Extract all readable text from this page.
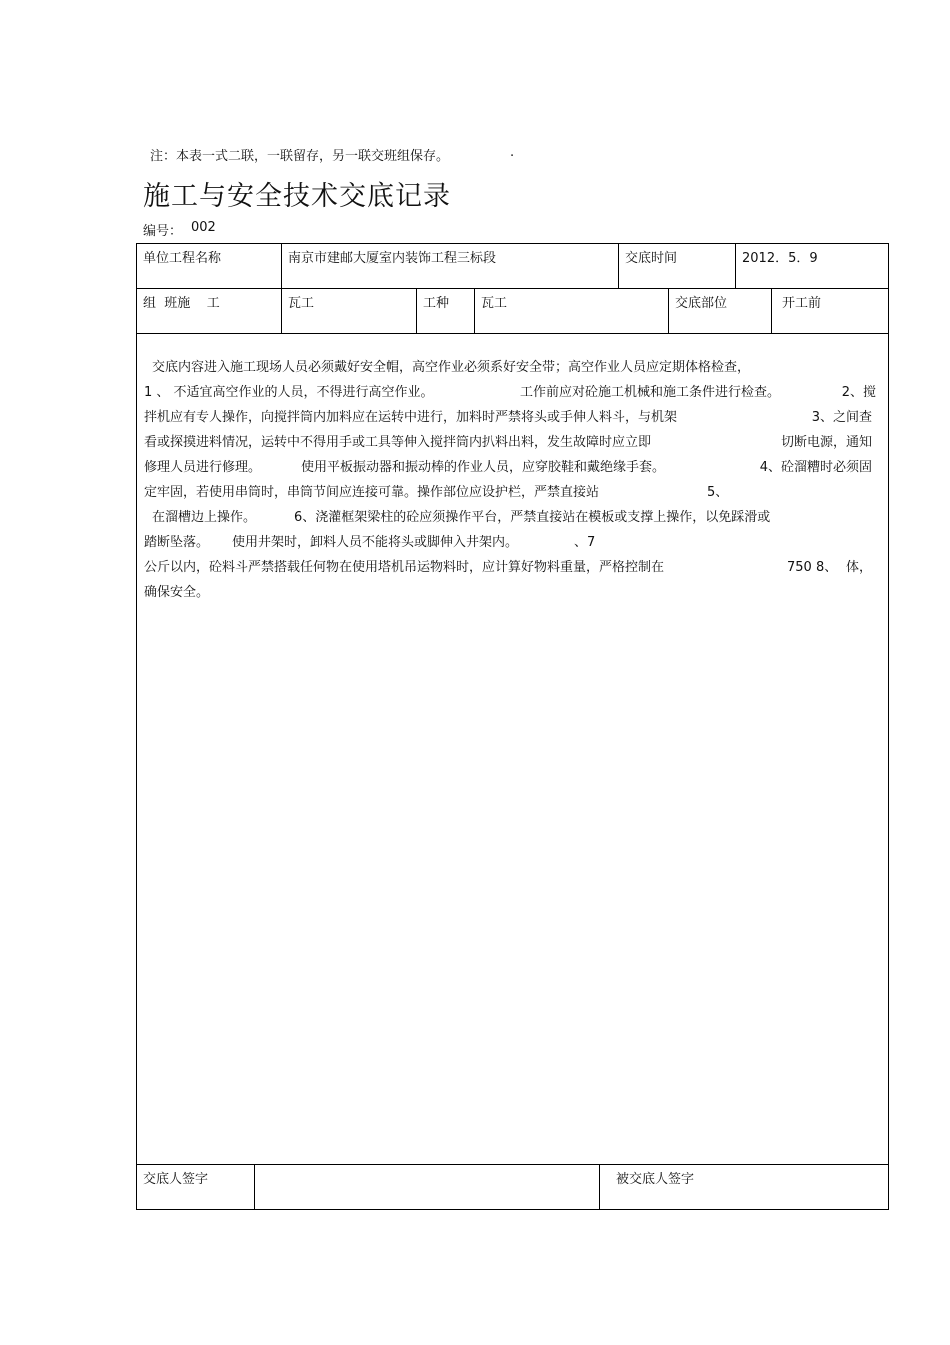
注：本表一式二联，一联留存，另一联交班组保存。	.
施工与安全技术交底记录
编号： 002
单位工程名称	南京市建邮大厦室内装饰工程三标段	交底时间	2012．5．9
组  班施    工	瓦工	工种	瓦工	交底部位	开工前
交底内容进入施工现场人员必须戴好安全帽，高空作业必须系好安全带；高空作业人员应定期体格检查，
1 、 不适宜高空作业的人员，不得进行高空作业。	工作前应对砼施工机械和施工条件进行检查。	2、搅
拌机应有专人操作，向搅拌筒内加料应在运转中进行，加料时严禁将头或手伸人料斗，与机架	3、之间查
看或探摸进料情况，运转中不得用手或工具等伸入搅拌筒内扒料出料，发生故障时应立即	切断电源，通知
修理人员进行修理。	使用平板振动器和振动棒的作业人员，应穿胶鞋和戴绝缘手套。	4、砼溜糟时必须固
定牢固，若使用串筒时，串筒节间应连接可靠。操作部位应设护栏，严禁直接站	5、
在溜槽边上操作。	6、浇灌框架梁柱的砼应须操作平台，严禁直接站在模板或支撑上操作，以免踩滑或
踏断坠落。 使用井架时，卸料人员不能将头或脚伸入井架内。	、7
公斤以内，砼料斗严禁搭载任何物在使用塔机吊运物料时，应计算好物料重量，严格控制在	750 8、 体，
确保安全。
交底人签字	被交底人签字
